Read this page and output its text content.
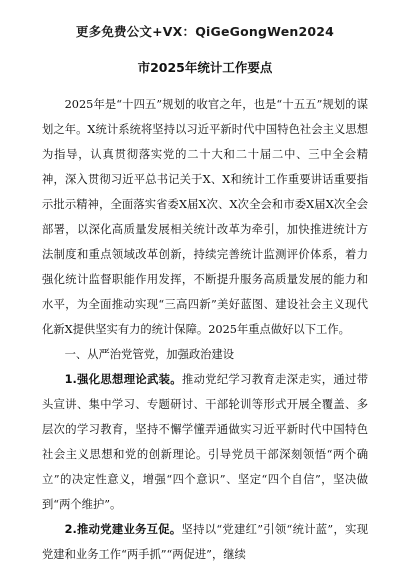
更多免费公文+VX：QiGeGongWen2024
市2025年统计工作要点

2025年是“十四五”规划的收官之年，也是“十五五”规划的谋划之年。X统计系统将坚持以习近平新时代中国特色社会主义思想为指导，认真贯彻落实党的二十大和二十届二中、三中全会精神，深入贯彻习近平总书记关于X、X和统计工作重要讲话重要指示批示精神，全面落实省委X届X次、X次全会和市委X届X次全会部署，以深化高质量发展相关统计改革为牵引，加快推进统计方法制度和重点领域改革创新，持续完善统计监测评价体系，着力强化统计监督职能作用发挥，不断提升服务高质量发展的能力和水平，为全面推动实现“三高四新”美好蓝图、建设社会主义现代化新X提供坚实有力的统计保障。2025年重点做好以下工作。

一、从严治党管党，加强政治建设

1.强化思想理论武装。推动党纪学习教育走深走实，通过带头宣讲、集中学习、专题研讨、干部轮训等形式开展全覆盖、多层次的学习教育，坚持不懈学懂弄通做实习近平新时代中国特色社会主义思想和党的创新理论。引导党员干部深刻领悟“两个确立”的决定性意义，增强“四个意识”、坚定“四个自信”，坚决做到“两个维护”。

2.推动党建业务互促。坚持以“党建红”引领“统计蓝”，实现党建和业务工作“两手抓”“两促进”，继续
